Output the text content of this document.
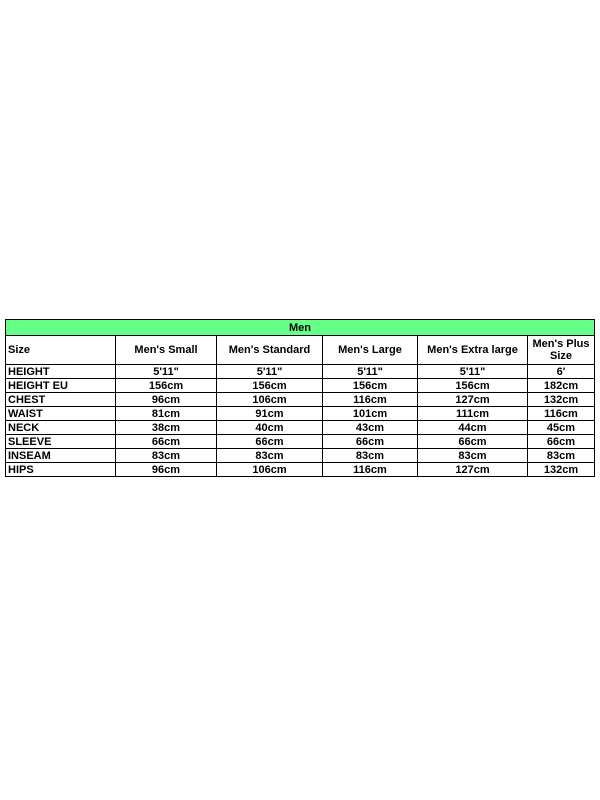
Men					
Size	Men's Small	Men's Standard	Men's Large	Men's Extra large	Men's Plus Size
HEIGHT	5'11"	5'11"	5'11"	5'11"	6'
HEIGHT EU	156cm	156cm	156cm	156cm	182cm
CHEST	96cm	106cm	116cm	127cm	132cm
WAIST	81cm	91cm	101cm	111cm	116cm
NECK	38cm	40cm	43cm	44cm	45cm
SLEEVE	66cm	66cm	66cm	66cm	66cm
INSEAM	83cm	83cm	83cm	83cm	83cm
HIPS	96cm	106cm	116cm	127cm	132cm
